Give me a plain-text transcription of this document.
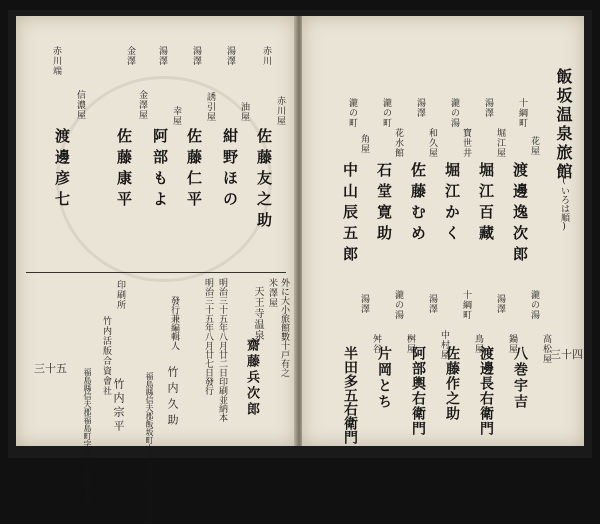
赤川
湯澤
湯澤
金澤
赤川端
赤川屋
油屋
誘引屋
幸屋
金澤屋
信濃屋
湯澤
佐藤友之助
紺野ほの
佐藤仁平
阿部もよ
佐藤康平
渡邊彦七
米澤屋
天王寺温泉
齋藤兵次郎
外に大小旅館數十戸有之
明治三十五年八月廿二日印刷並納本
明治三十五年八月廿七日發行
發行兼編輯人
竹内久助
福島縣信夫郡飯坂町大字湯澤廿四番地平民
印刷所
竹内活版合資會社
竹内宗平
福島縣信夫郡福島町字北町七番地平民
三十五
飯坂温泉旅館
(いろは順)
十綱町
湯澤
瀧の湯
湯澤
瀧の町
瀧の町
花屋
堀江屋
寶世井
和久屋
花水館
角屋
渡邊逸次郎
堀江百藏
堀江かく
佐藤むめ
石堂寛助
中山辰五郎
瀧の湯
湯澤
十綱町
湯澤
瀧の湯
湯澤
高松屋
鍋屋
鳥屋
中村屋
桝屋
舛谷
八巻宇吉
渡邊長右衛門
佐藤作之助
阿部輿右衛門
片岡とち
半田多五右衛門	三十四
